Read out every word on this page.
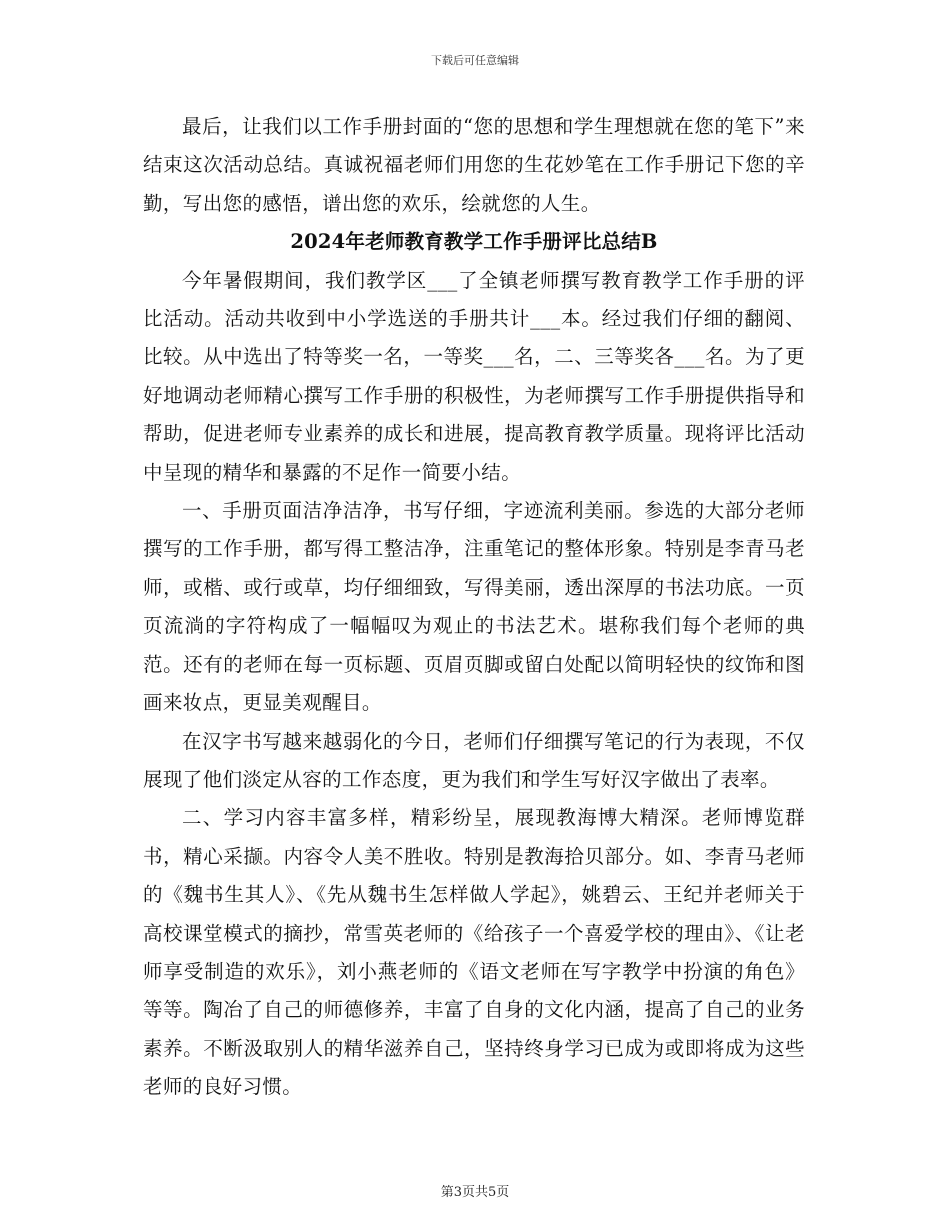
下载后可任意编辑

最后，让我们以工作手册封面的“您的思想和学生理想就在您的笔下”来结束这次活动总结。真诚祝福老师们用您的生花妙笔在工作手册记下您的辛勤，写出您的感悟，谱出您的欢乐，绘就您的人生。

2024年老师教育教学工作手册评比总结B

今年暑假期间，我们教学区___了全镇老师撰写教育教学工作手册的评比活动。活动共收到中小学选送的手册共计___本。经过我们仔细的翻阅、比较。从中选出了特等奖一名，一等奖___名，二、三等奖各___名。为了更好地调动老师精心撰写工作手册的积极性，为老师撰写工作手册提供指导和帮助，促进老师专业素养的成长和进展，提高教育教学质量。现将评比活动中呈现的精华和暴露的不足作一简要小结。

一、手册页面洁净洁净，书写仔细，字迹流利美丽。参选的大部分老师撰写的工作手册，都写得工整洁净，注重笔记的整体形象。特别是李青马老师，或楷、或行或草，均仔细细致，写得美丽，透出深厚的书法功底。一页页流淌的字符构成了一幅幅叹为观止的书法艺术。堪称我们每个老师的典范。还有的老师在每一页标题、页眉页脚或留白处配以简明轻快的纹饰和图画来妆点，更显美观醒目。

在汉字书写越来越弱化的今日，老师们仔细撰写笔记的行为表现，不仅展现了他们淡定从容的工作态度，更为我们和学生写好汉字做出了表率。

二、学习内容丰富多样，精彩纷呈，展现教海博大精深。老师博览群书，精心采撷。内容令人美不胜收。特别是教海拾贝部分。如、李青马老师的《魏书生其人》、《先从魏书生怎样做人学起》，姚碧云、王纪并老师关于高校课堂模式的摘抄，常雪英老师的《给孩子一个喜爱学校的理由》、《让老师享受制造的欢乐》，刘小燕老师的《语文老师在写字教学中扮演的角色》等等。陶冶了自己的师德修养，丰富了自身的文化内涵，提高了自己的业务素养。不断汲取别人的精华滋养自己，坚持终身学习已成为或即将成为这些老师的良好习惯。

第3页共5页
